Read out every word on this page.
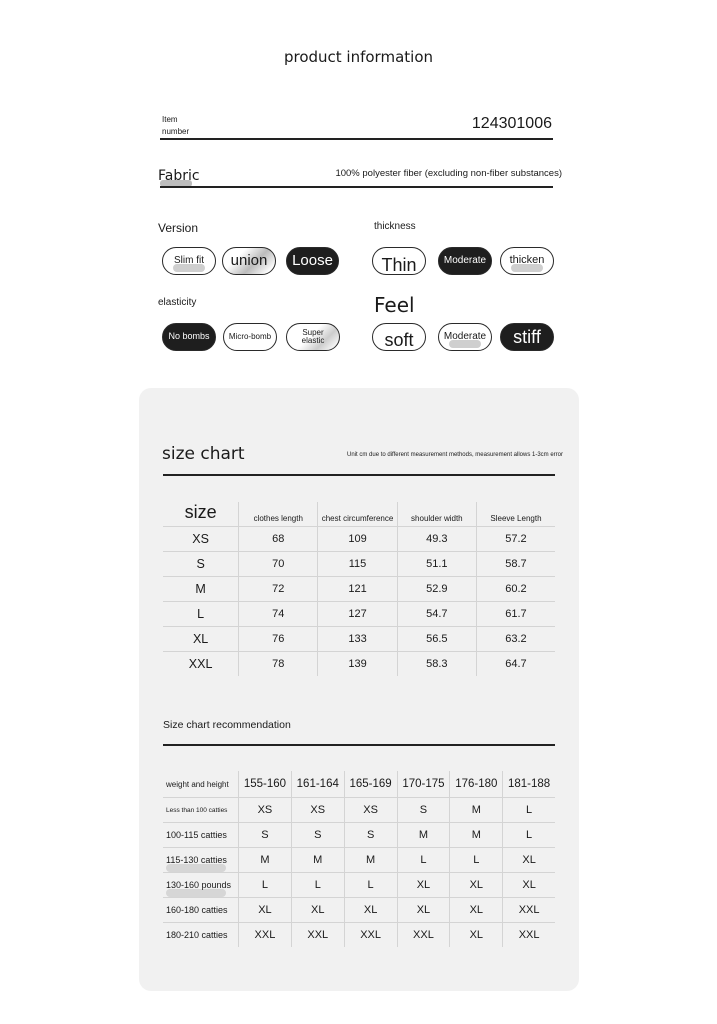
product information
Item
number	124301006
Fabric	100% polyester fiber (excluding non-fiber substances)
Version
Slim fit union Loose
thickness
Thin	Moderate thicken
elasticity
No bombs Micro-bomb	Super elastic
Feel
soft	Moderate stiff
size chart	Unit cm due to different measurement methods, measurement allows 1-3cm error
size	clothes length	chest circumference	shoulder width	Sleeve Length
XS	68	109	49.3	57.2
S	70	115	51.1	58.7
M	72	121	52.9	60.2
L	74	127	54.7	61.7
XL	76	133	56.5	63.2
XXL	78	139	58.3	64.7
Size chart recommendation
weight and height	155-160	161-164	165-169	170-175	176-180	181-188
Less than 100 catties	XS	XS	XS	S	M	L
100-115 catties	S	S	S	M	M	L
115-130 catties	M	M	M	L	L	XL
130-160 pounds	L	L	L	XL	XL	XL
160-180 catties	XL	XL	XL	XL	XL	XXL
180-210 catties	XXL	XXL	XXL	XXL	XL	XXL
